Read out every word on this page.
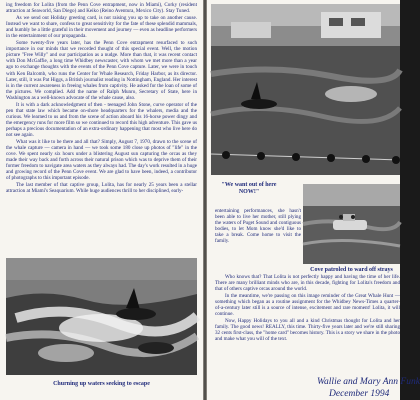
ing freedom for Lolita (from the Penn Cove entrapment, now in Miami), Corky (resident attraction at Seaworld, San Diego) and Keiko (Reino Aventura, Mexico City). Stay Tuned.

As we send out Holiday greeting card, is not raising you up to take on another cause. Instead we want to share, confess to great sensitivity for the fate of these splendid mammals, and humbly be a little grateful in their movement and journey — even as headline performers in the entertainment of our propaganda.

Some twenty-five years later, has the Penn Cove entrapment resurfaced to such importance in our minds that we recorded thought of this special event. Well, the motion picture "Free Willy" and our participation as a nudge. More than that, it was recent contact with Don McGaffie, a long time Whidbey newscaster, with whom we met more than a year ago to exchange thoughts with the events of the Penn Cove capture. Later, we were in touch with Ken Balcomb, who runs the Center for Whale Research, Friday Harbor, as its director. Later, still, it was Pat Higgs, a British journalist reading in Nottingham, England. Her interest is in the current awareness in freeing whales from captivity. He asked for the loan of some of the pictures. We complied. Add the name of Ralph Munro, Secretary of State, here in Washington as a well-known advocate of the whale cause, also.

It is with a dark acknowledgment of then - teenaged John Stone, curve operator of the pen that state law which became on-shore headquarters for the whalers, media and the curious. We learned to us and from the scene of action aboard his 16-horse power dingy and the emergency runs for more film so we continued to record this high adventure. This gave us perhaps a precious documentation of an extra-ordinary happening that most who live here do not see again.

What was it like to be there and all that? Simply, August 7, 1970, drawn to the scene of the whale capture — camera in hand — we took some 180 close up photos of "life" in the cove. We spent nearly six hours under a blistering August sun capturing the orcas as they made their way back and forth across their natural prison which was to deprive them of their former freedom to navigate area waters as they always had. The day's work resulted in a huge and growing record of the Penn Cove event. We are glad to have been, indeed, a contributor of photographs to this important episode.

The last member of that captive group, Lolita, has for nearly 25 years been a stellar attraction at Miami's Seaquarium. While huge audiences thrill to her disciplined, early-

Churning up waters seeking to escape
"We want out of here NOW!"

entertaining performances, she hasn't been able to live her mother, still plying the waters of Puget Sound and contiguous bodies, to let Mom know she'd like to take a break. Come home to visit the family.

Cove patroled to ward off strays

Who knows that? That Lolita is not perfectly happy and having the time of her life. There are many brilliant minds who are, in this decade, fighting for Lolita's freedom and that of others captive orcas around the world.

In the meantime, we're passing on this image reminder of the Great Whale Hunt — something which began as a routine assignment for the Whidbey News-Times a quarter-of-a-century later still is a source of intense, excitement and rare moment! Lolita, it will continue.

Now, Happy Holidays to you all and a kind Christmas thought for Lolita and her family. The good news! REALLY, this time. Thirty-five years later and we're still sharing 32 cents first-class, the "home card" becomes history. This is a story we share in the photo and make what you will of the text.

Wallie and Mary Ann Funk
December 1994
